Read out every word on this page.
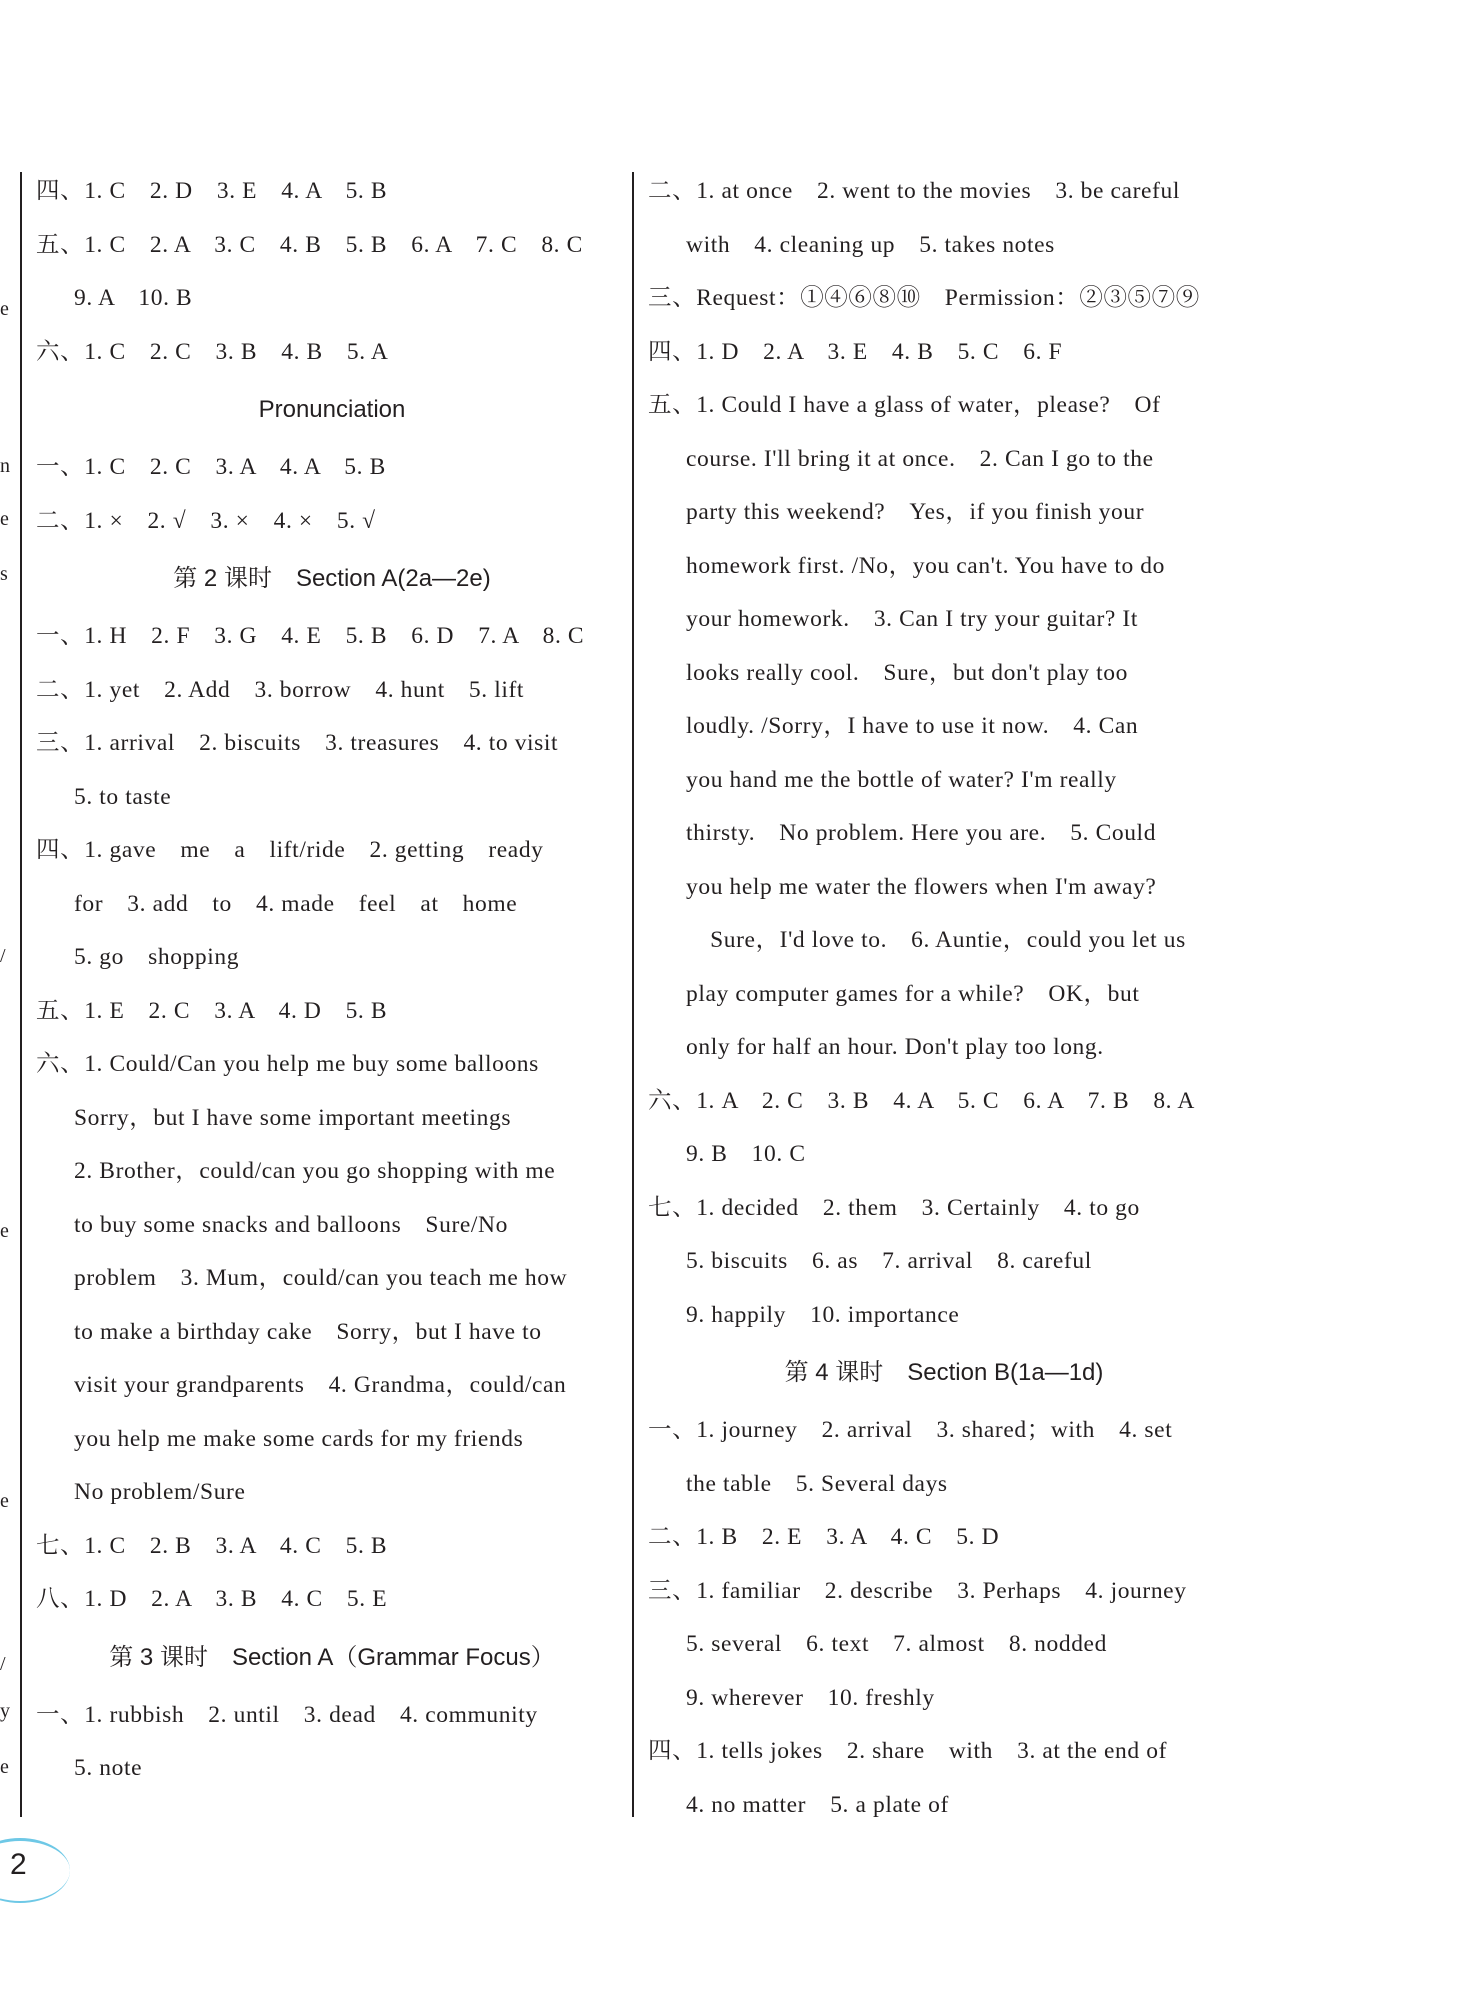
e
n
e
s
/
e
e
/
y
e
四、1. C　2. D　3. E　4. A　5. B
五、1. C　2. A　3. C　4. B　5. B　6. A　7. C　8. C
9. A　10. B
六、1. C　2. C　3. B　4. B　5. A
Pronunciation
一、1. C　2. C　3. A　4. A　5. B
二、1. ×　2. √　3. ×　4. ×　5. √
第 2 课时　Section A(2a—2e)
一、1. H　2. F　3. G　4. E　5. B　6. D　7. A　8. C
二、1. yet　2. Add　3. borrow　4. hunt　5. lift
三、1. arrival　2. biscuits　3. treasures　4. to visit
5. to taste
四、1. gave　me　a　lift/ride　2. getting　ready
for　3. add　to　4. made　feel　at　home
5. go　shopping
五、1. E　2. C　3. A　4. D　5. B
六、1. Could/Can you help me buy some balloons
Sorry，but I have some important meetings
2. Brother，could/can you go shopping with me
to buy some snacks and balloons　Sure/No
problem　3. Mum，could/can you teach me how
to make a birthday cake　Sorry，but I have to
visit your grandparents　4. Grandma，could/can
you help me make some cards for my friends
No problem/Sure
七、1. C　2. B　3. A　4. C　5. B
八、1. D　2. A　3. B　4. C　5. E
第 3 课时　Section A（Grammar Focus）
一、1. rubbish　2. until　3. dead　4. community
5. note
二、1. at once　2. went to the movies　3. be careful
with　4. cleaning up　5. takes notes
三、Request：①④⑥⑧⑩　Permission：②③⑤⑦⑨
四、1. D　2. A　3. E　4. B　5. C　6. F
五、1. Could I have a glass of water，please?　Of
course. I'll bring it at once.　2. Can I go to the
party this weekend?　Yes，if you finish your
homework first. /No，you can't. You have to do
your homework.　3. Can I try your guitar? It
looks really cool.　Sure，but don't play too
loudly. /Sorry，I have to use it now.　4. Can
you hand me the bottle of water? I'm really
thirsty.　No problem. Here you are.　5. Could
you help me water the flowers when I'm away?
　Sure，I'd love to.　6. Auntie，could you let us
play computer games for a while?　OK，but
only for half an hour. Don't play too long.
六、1. A　2. C　3. B　4. A　5. C　6. A　7. B　8. A
9. B　10. C
七、1. decided　2. them　3. Certainly　4. to go
5. biscuits　6. as　7. arrival　8. careful
9. happily　10. importance
第 4 课时　Section B(1a—1d)
一、1. journey　2. arrival　3. shared；with　4. set
the table　5. Several days
二、1. B　2. E　3. A　4. C　5. D
三、1. familiar　2. describe　3. Perhaps　4. journey
5. several　6. text　7. almost　8. nodded
9. wherever　10. freshly
四、1. tells jokes　2. share　with　3. at the end of
4. no matter　5. a plate of
2
